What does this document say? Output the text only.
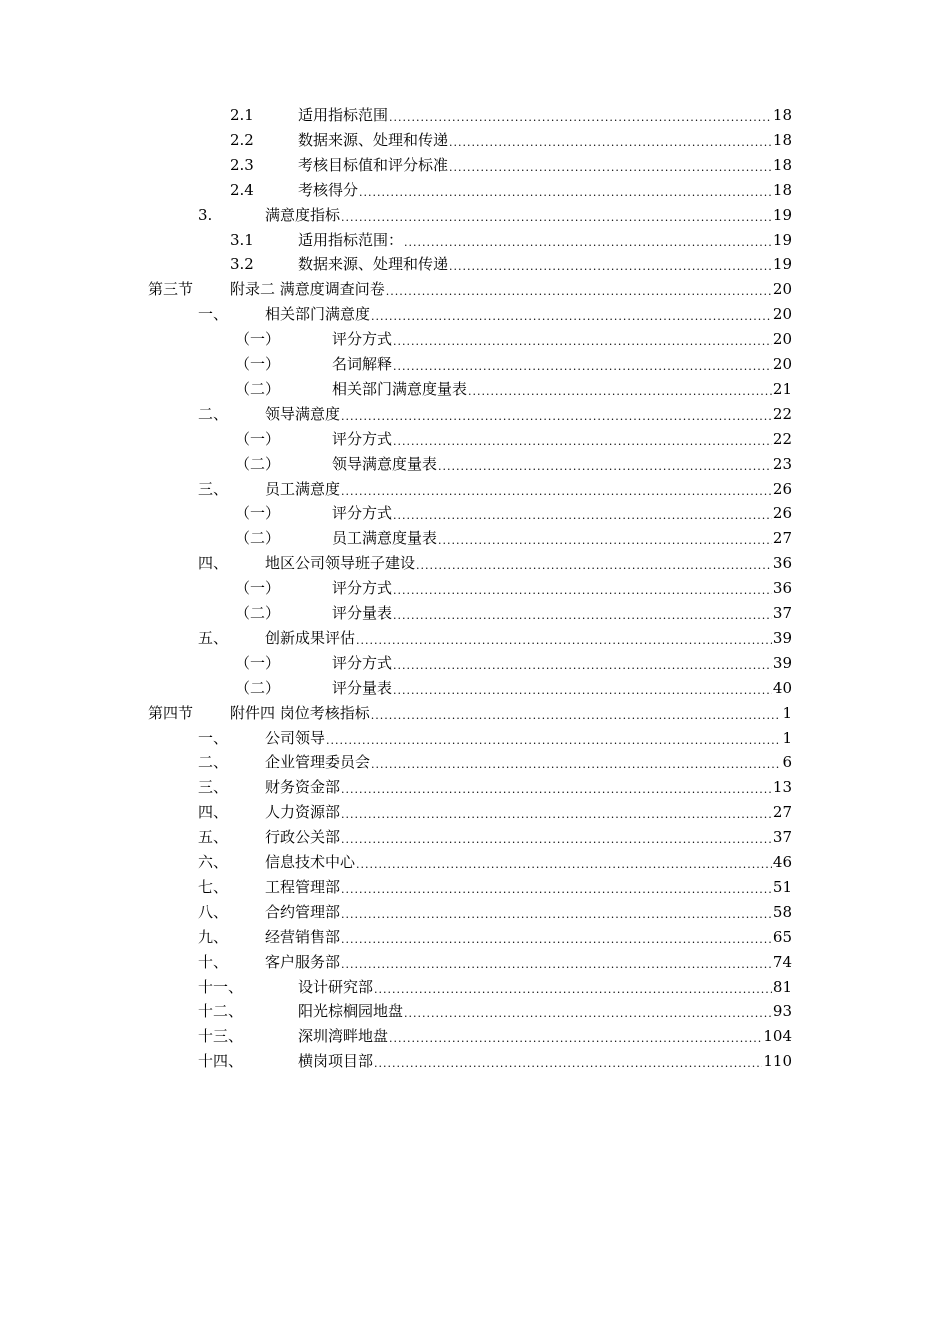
2.1	适用指标范围 .....	18
2.2	数据来源、处理和传递 .....	18
2.3	考核目标值和评分标准 .....	18
2.4	考核得分 .....	18
3.	满意度指标 .....	19
3.1	适用指标范围： .....	19
3.2	数据来源、处理和传递 .....	19
第三节	附录二 满意度调查问卷 .....	20
一、	相关部门满意度 .....	20
（一）	评分方式 .....	20
（一）	名词解释 .....	20
（二）	相关部门满意度量表 .....	21
二、	领导满意度 .....	22
（一）	评分方式 .....	22
（二）	领导满意度量表 .....	23
三、	员工满意度 .....	26
（一）	评分方式 .....	26
（二）	员工满意度量表 .....	27
四、	地区公司领导班子建设 .....	36
（一）	评分方式 .....	36
（二）	评分量表 .....	37
五、	创新成果评估 .....	39
（一）	评分方式 .....	39
（二）	评分量表 .....	40
第四节	附件四 岗位考核指标 .....	1
一、	公司领导 .....	1
二、	企业管理委员会 .....	6
三、	财务资金部 .....	13
四、	人力资源部 .....	27
五、	行政公关部 .....	37
六、	信息技术中心 .....	46
七、	工程管理部 .....	51
八、	合约管理部 .....	58
九、	经营销售部 .....	65
十、	客户服务部 .....	74
十一、	设计研究部 .....	81
十二、	阳光棕榈园地盘 .....	93
十三、	深圳湾畔地盘 .....	104
十四、	横岗项目部 .....	110
